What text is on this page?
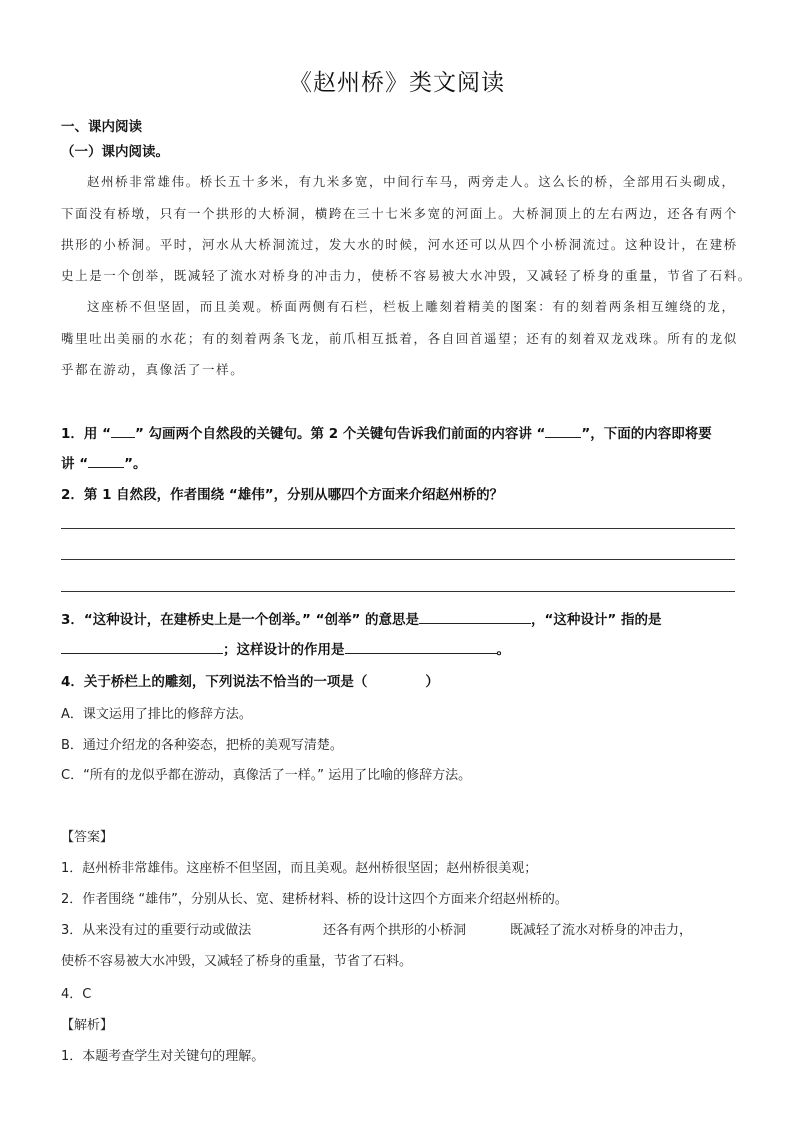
《赵州桥》类文阅读
一、课内阅读
（一）课内阅读。
赵州桥非常雄伟。桥长五十多米，有九米多宽，中间行车马，两旁走人。这么长的桥，全部用石头砌成，
下面没有桥墩，只有一个拱形的大桥洞，横跨在三十七米多宽的河面上。大桥洞顶上的左右两边，还各有两个
拱形的小桥洞。平时，河水从大桥洞流过，发大水的时候，河水还可以从四个小桥洞流过。这种设计，在建桥
史上是一个创举，既减轻了流水对桥身的冲击力，使桥不容易被大水冲毁，又减轻了桥身的重量，节省了石料。
这座桥不但坚固，而且美观。桥面两侧有石栏，栏板上雕刻着精美的图案：有的刻着两条相互缠绕的龙，
嘴里吐出美丽的水花；有的刻着两条飞龙，前爪相互抵着，各自回首遥望；还有的刻着双龙戏珠。所有的龙似
乎都在游动，真像活了一样。
1．用 “ ” 勾画两个自然段的关键句。第 2 个关键句告诉我们前面的内容讲 “	”，下面的内容即将要
讲 “	”。
2．第 1 自然段，作者围绕 “雄伟”，分别从哪四个方面来介绍赵州桥的？
3．“这种设计，在建桥史上是一个创举。” “创举” 的意思是	，“这种设计” 指的是
；这样设计的作用是	。
4．关于桥栏上的雕刻，下列说法不恰当的一项是（	）
A．课文运用了排比的修辞方法。
B．通过介绍龙的各种姿态，把桥的美观写清楚。
C．“所有的龙似乎都在游动，真像活了一样。” 运用了比喻的修辞方法。
【答案】
1．赵州桥非常雄伟。这座桥不但坚固，而且美观。赵州桥很坚固；赵州桥很美观；
2．作者围绕 “雄伟”，分别从长、宽、建桥材料、桥的设计这四个方面来介绍赵州桥的。
3．从来没有过的重要行动或做法	还各有两个拱形的小桥洞	既减轻了流水对桥身的冲击力，
使桥不容易被大水冲毁，又减轻了桥身的重量，节省了石料。
4．C
【解析】
1．本题考查学生对关键句的理解。
